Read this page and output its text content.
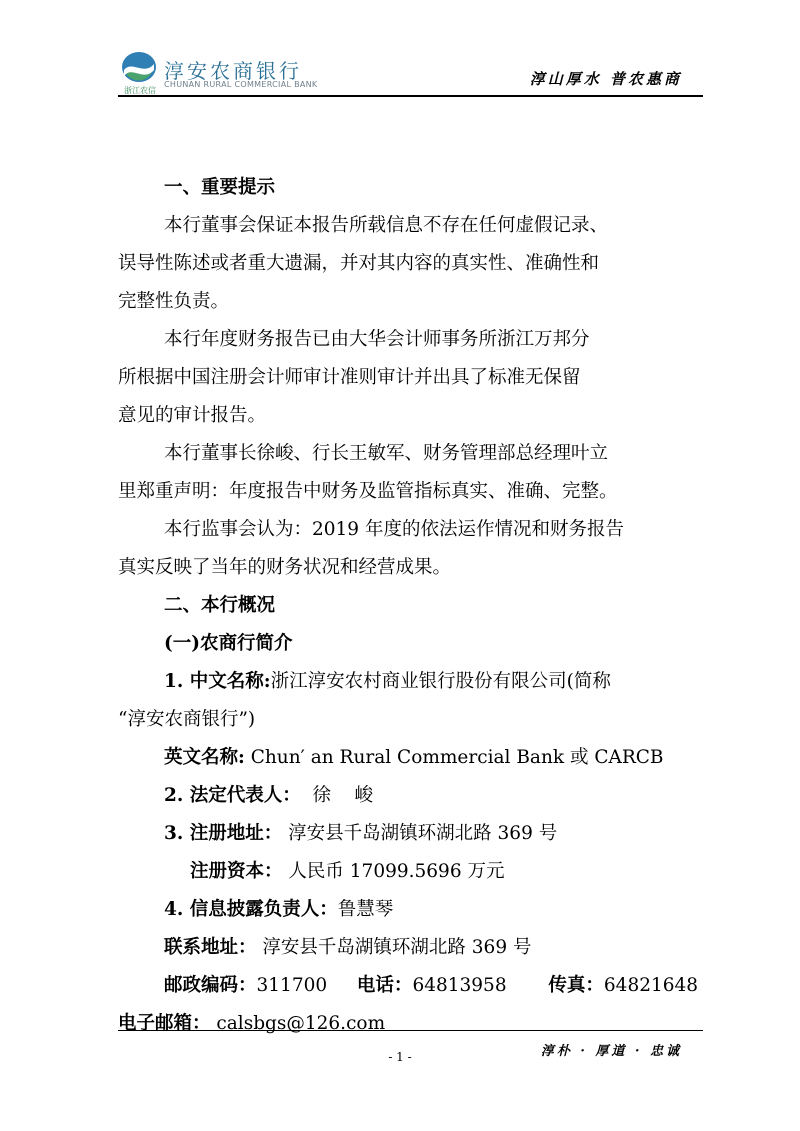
浙江农信
淳安农商银行
CHUNAN RURAL COMMERCIAL BANK	淳山厚水 普农惠商
一、重要提示
本行董事会保证本报告所载信息不存在任何虚假记录、
误导性陈述或者重大遗漏，并对其内容的真实性、准确性和
完整性负责。
本行年度财务报告已由大华会计师事务所浙江万邦分
所根据中国注册会计师审计准则审计并出具了标准无保留
意见的审计报告。
本行董事长徐峻、行长王敏军、财务管理部总经理叶立
里郑重声明：年度报告中财务及监管指标真实、准确、完整。
本行监事会认为：2019 年度的依法运作情况和财务报告
真实反映了当年的财务状况和经营成果。
二、本行概况
(一)农商行简介
1. 中文名称:浙江淳安农村商业银行股份有限公司(简称
“淳安农商银行”)
英文名称: Chun′ an Rural Commercial Bank 或 CARCB
2. 法定代表人：  徐    峻
3. 注册地址： 淳安县千岛湖镇环湖北路 369 号
注册资本： 人民币 17099.5696 万元
4. 信息披露负责人：鲁慧琴
联系地址： 淳安县千岛湖镇环湖北路 369 号
邮政编码：311700 电话：64813958 传真：64821648
电子邮箱： calsbgs@126.com
- 1 -	淳朴 · 厚道 · 忠诚
